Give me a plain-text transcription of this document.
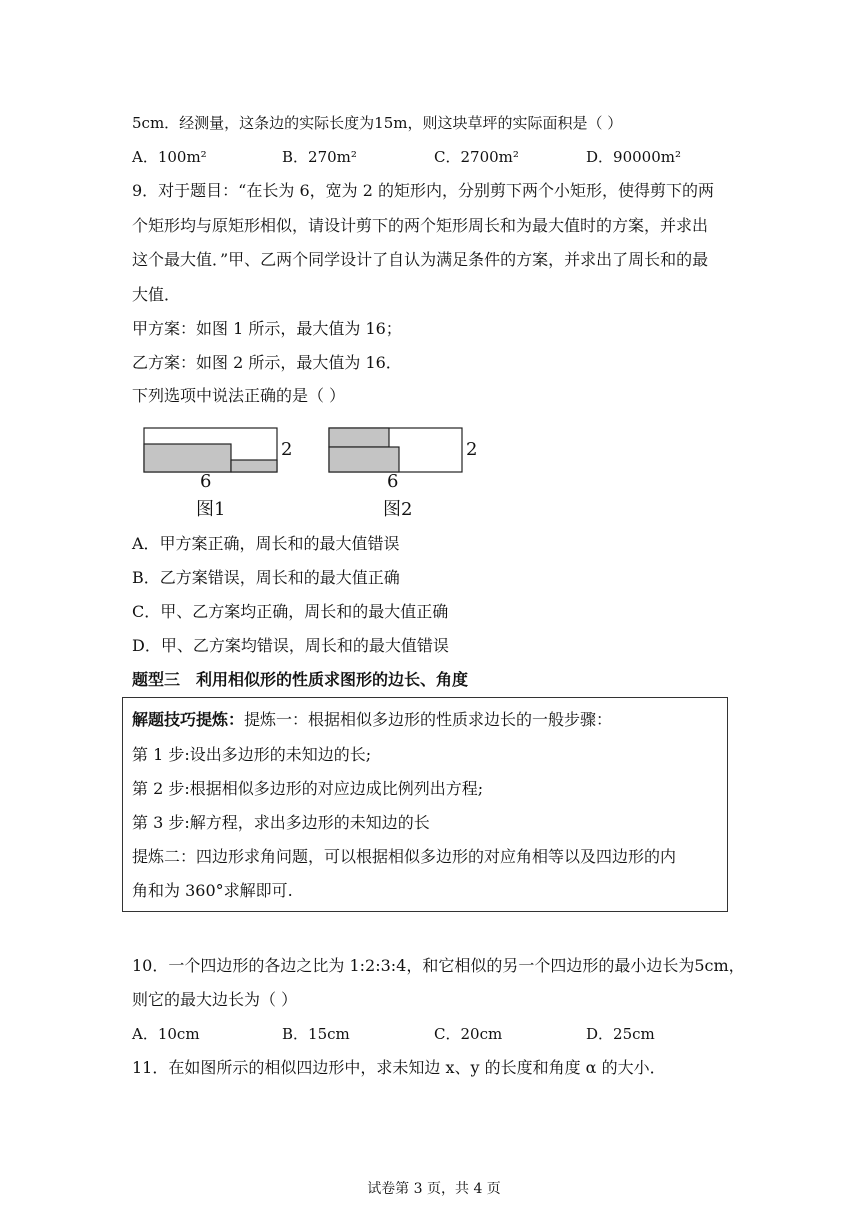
5cm．经测量，这条边的实际长度为15m，则这块草坪的实际面积是（ ）
A．100m²	B．270m²	C．2700m²	D．90000m²
9．对于题目：“在长为 6，宽为 2 的矩形内，分别剪下两个小矩形，使得剪下的两
个矩形均与原矩形相似，请设计剪下的两个矩形周长和为最大值时的方案，并求出
这个最大值．”甲、乙两个同学设计了自认为满足条件的方案，并求出了周长和的最
大值．
甲方案：如图 1 所示，最大值为 16；
乙方案：如图 2 所示，最大值为 16．
下列选项中说法正确的是（ ）
2
6
图1
2
6
图2
A．甲方案正确，周长和的最大值错误
B．乙方案错误，周长和的最大值正确
C．甲、乙方案均正确，周长和的最大值正确
D．甲、乙方案均错误，周长和的最大值错误
题型三　利用相似形的性质求图形的边长、角度
解题技巧提炼：提炼一：根据相似多边形的性质求边长的一般步骤：
第 1 步:设出多边形的未知边的长;
第 2 步:根据相似多边形的对应边成比例列出方程;
第 3 步:解方程，求出多边形的未知边的长
提炼二：四边形求角问题，可以根据相似多边形的对应角相等以及四边形的内
角和为 360°求解即可.
10．一个四边形的各边之比为 1:2:3:4，和它相似的另一个四边形的最小边长为5cm，
则它的最大边长为（ ）
A．10cm	B．15cm	C．20cm	D．25cm
11．在如图所示的相似四边形中，求未知边 x、y 的长度和角度 α 的大小．
试卷第 3 页，共 4 页
